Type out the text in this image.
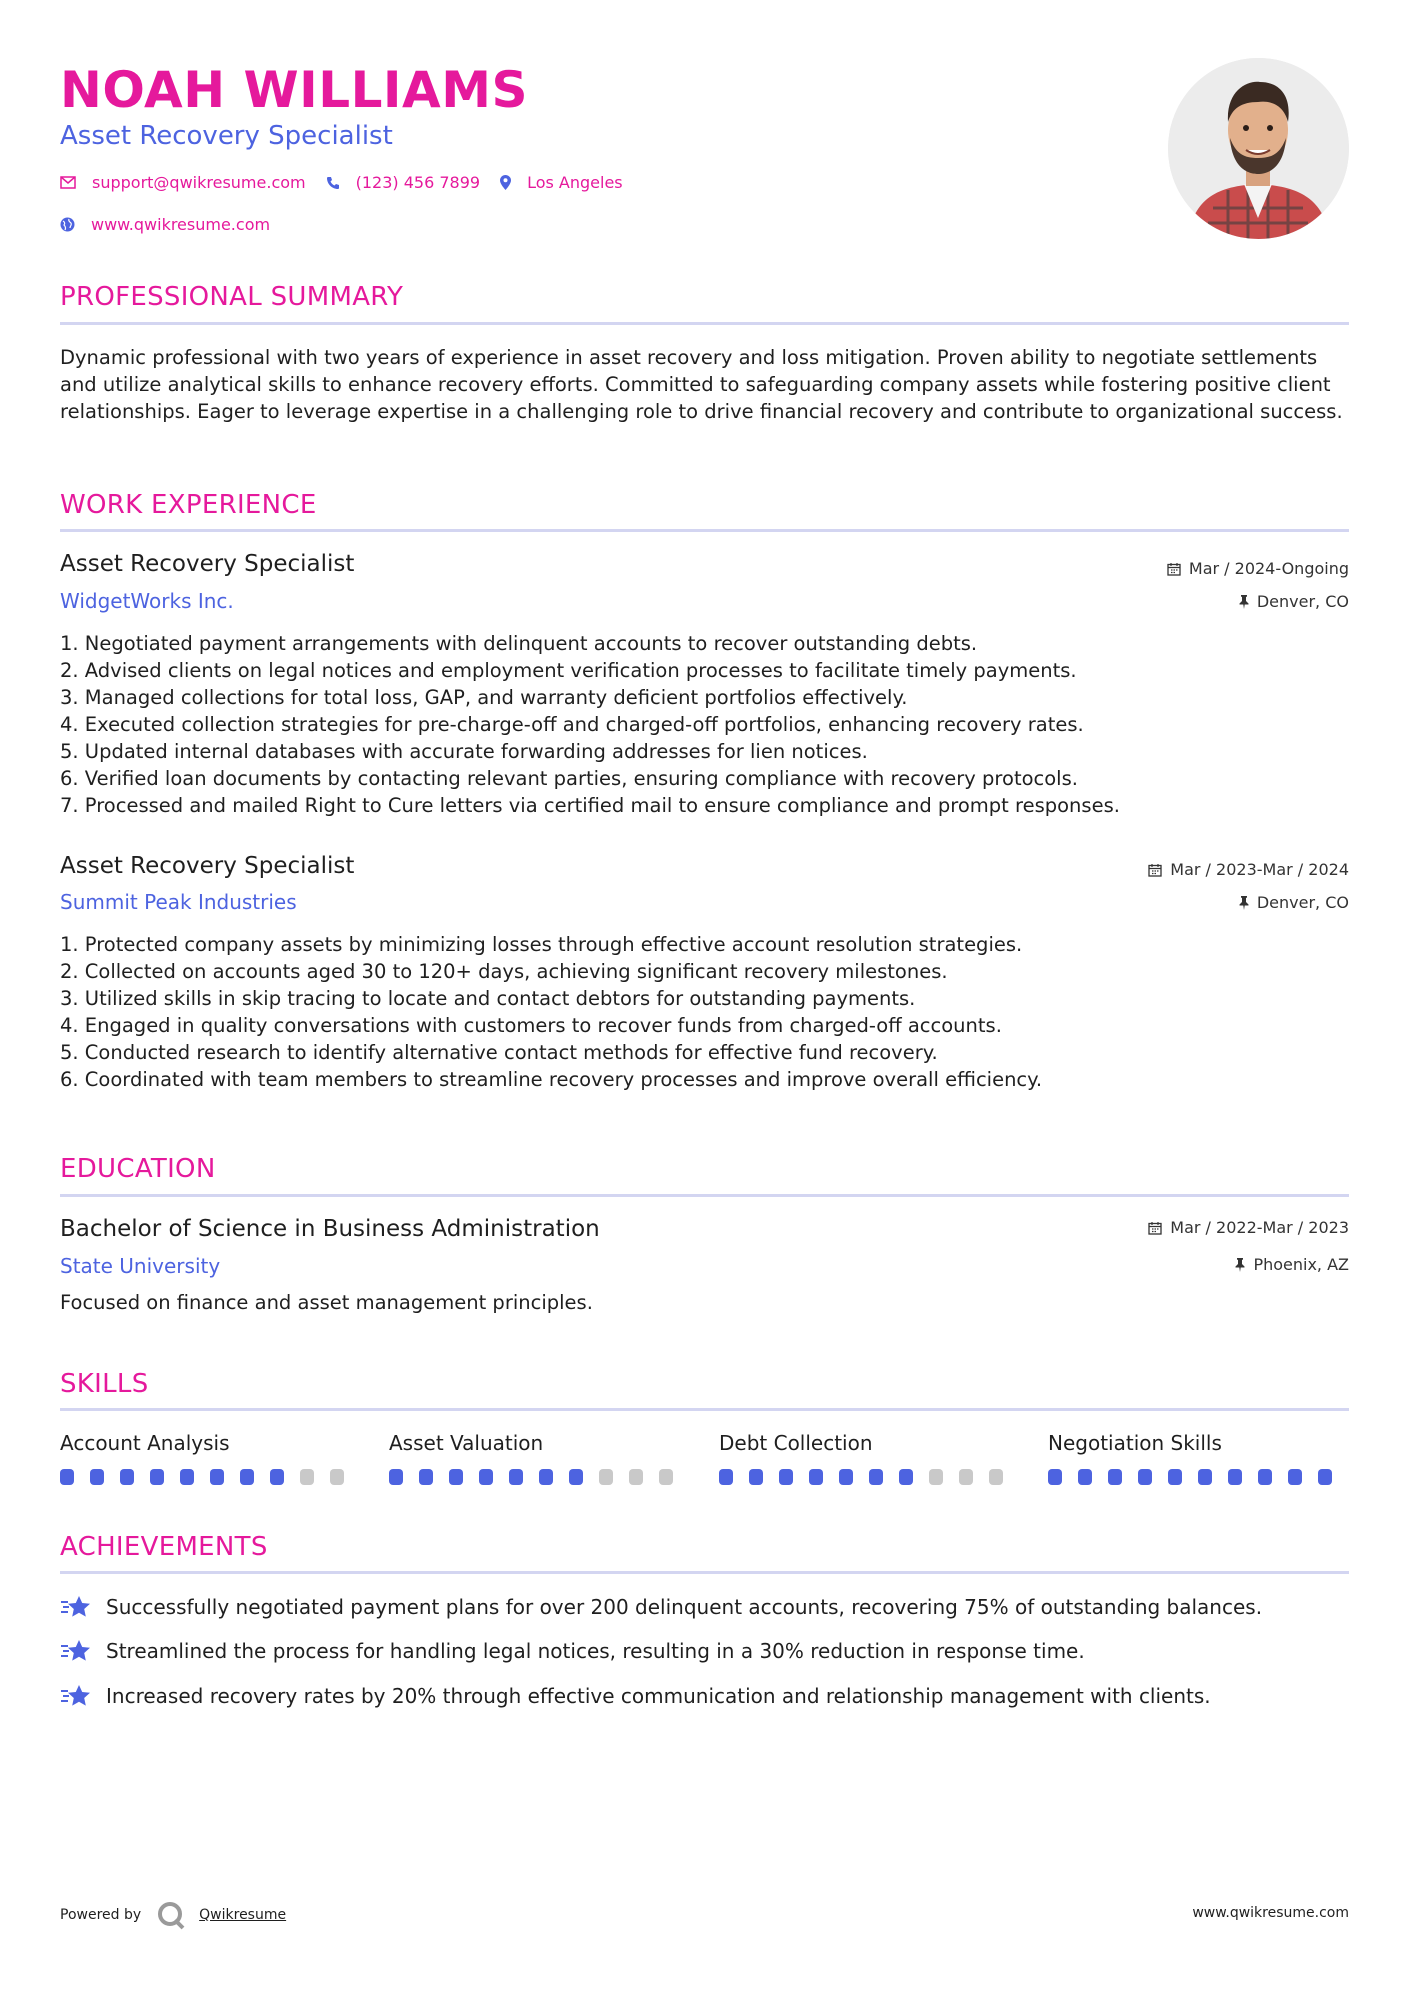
NOAH WILLIAMS
Asset Recovery Specialist
support@qwikresume.com	(123) 456 7899	Los Angeles
www.qwikresume.com
PROFESSIONAL SUMMARY
Dynamic professional with two years of experience in asset recovery and loss mitigation. Proven ability to negotiate settlements and utilize analytical skills to enhance recovery efforts. Committed to safeguarding company assets while fostering positive client relationships. Eager to leverage expertise in a challenging role to drive financial recovery and contribute to organizational success.
WORK EXPERIENCE
Asset Recovery Specialist	Mar / 2024-Ongoing
WidgetWorks Inc.	Denver, CO
1. Negotiated payment arrangements with delinquent accounts to recover outstanding debts.
2. Advised clients on legal notices and employment verification processes to facilitate timely payments.
3. Managed collections for total loss, GAP, and warranty deficient portfolios effectively.
4. Executed collection strategies for pre-charge-off and charged-off portfolios, enhancing recovery rates.
5. Updated internal databases with accurate forwarding addresses for lien notices.
6. Verified loan documents by contacting relevant parties, ensuring compliance with recovery protocols.
7. Processed and mailed Right to Cure letters via certified mail to ensure compliance and prompt responses.
Asset Recovery Specialist	Mar / 2023-Mar / 2024
Summit Peak Industries	Denver, CO
1. Protected company assets by minimizing losses through effective account resolution strategies.
2. Collected on accounts aged 30 to 120+ days, achieving significant recovery milestones.
3. Utilized skills in skip tracing to locate and contact debtors for outstanding payments.
4. Engaged in quality conversations with customers to recover funds from charged-off accounts.
5. Conducted research to identify alternative contact methods for effective fund recovery.
6. Coordinated with team members to streamline recovery processes and improve overall efficiency.
EDUCATION
Bachelor of Science in Business Administration	Mar / 2022-Mar / 2023
State University	Phoenix, AZ
Focused on finance and asset management principles.
SKILLS
Account Analysis	Asset Valuation	Debt Collection	Negotiation Skills
ACHIEVEMENTS
Successfully negotiated payment plans for over 200 delinquent accounts, recovering 75% of outstanding balances.
Streamlined the process for handling legal notices, resulting in a 30% reduction in response time.
Increased recovery rates by 20% through effective communication and relationship management with clients.
Powered by	Qwikresume	www.qwikresume.com
